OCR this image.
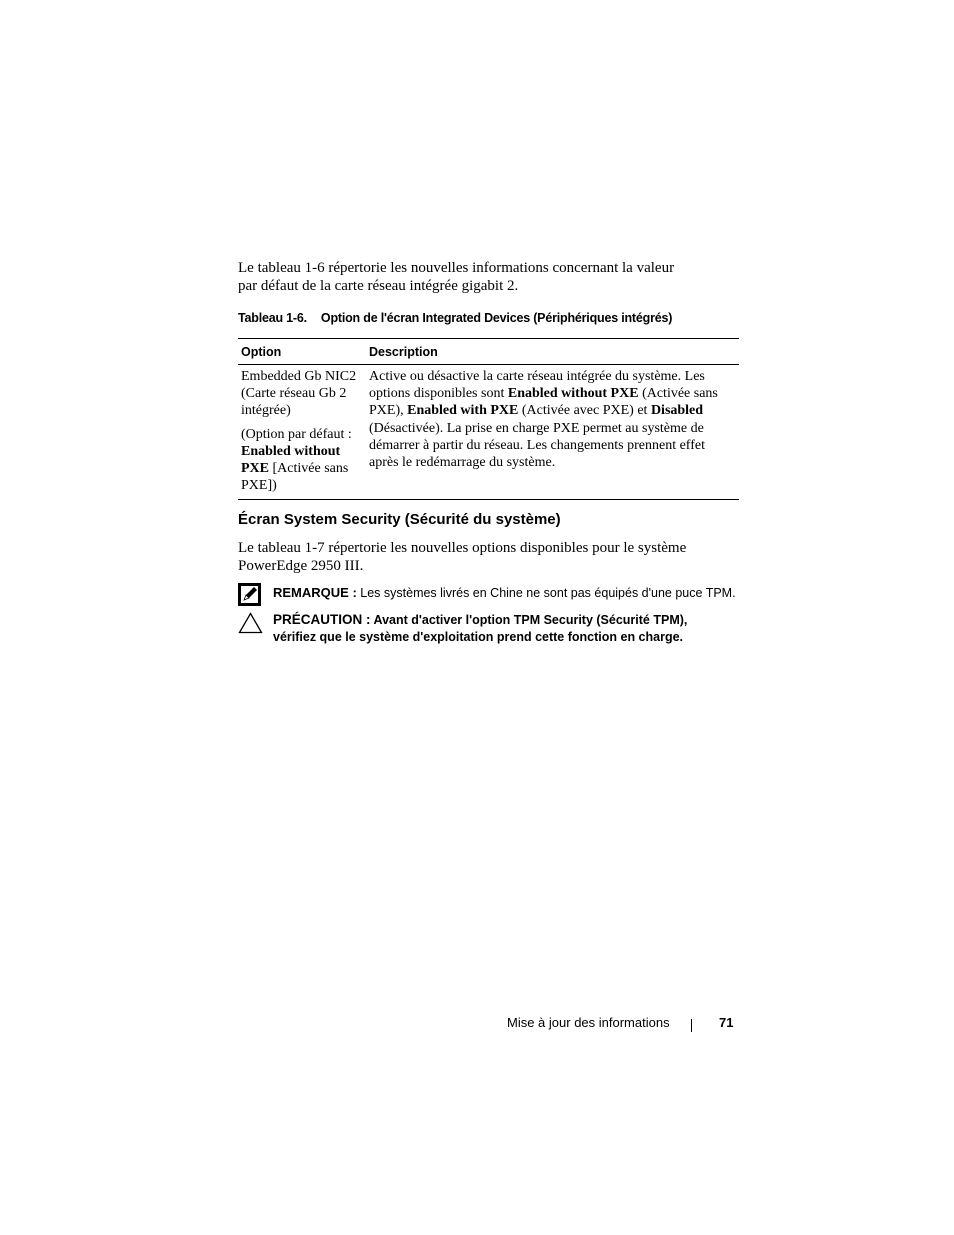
Le tableau 1-6 répertorie les nouvelles informations concernant la valeur
par défaut de la carte réseau intégrée gigabit 2.
Tableau 1-6. Option de l'écran Integrated Devices (Périphériques intégrés)
Option	Description

Embedded Gb NIC2 (Carte réseau Gb 2 intégrée)

(Option par défaut : Enabled without PXE [Activée sans PXE])

Active ou désactive la carte réseau intégrée du système. Les options disponibles sont Enabled without PXE (Activée sans PXE), Enabled with PXE (Activée avec PXE) et Disabled (Désactivée). La prise en charge PXE permet au système de démarrer à partir du réseau. Les changements prennent effet après le redémarrage du système.

Écran System Security (Sécurité du système)
Le tableau 1-7 répertorie les nouvelles options disponibles pour le système PowerEdge 2950 III.
REMARQUE : Les systèmes livrés en Chine ne sont pas équipés d'une puce TPM.
PRÉCAUTION : Avant d'activer l'option TPM Security (Sécurité TPM),
vérifiez que le système d'exploitation prend cette fonction en charge.
Mise à jour des informations	71
